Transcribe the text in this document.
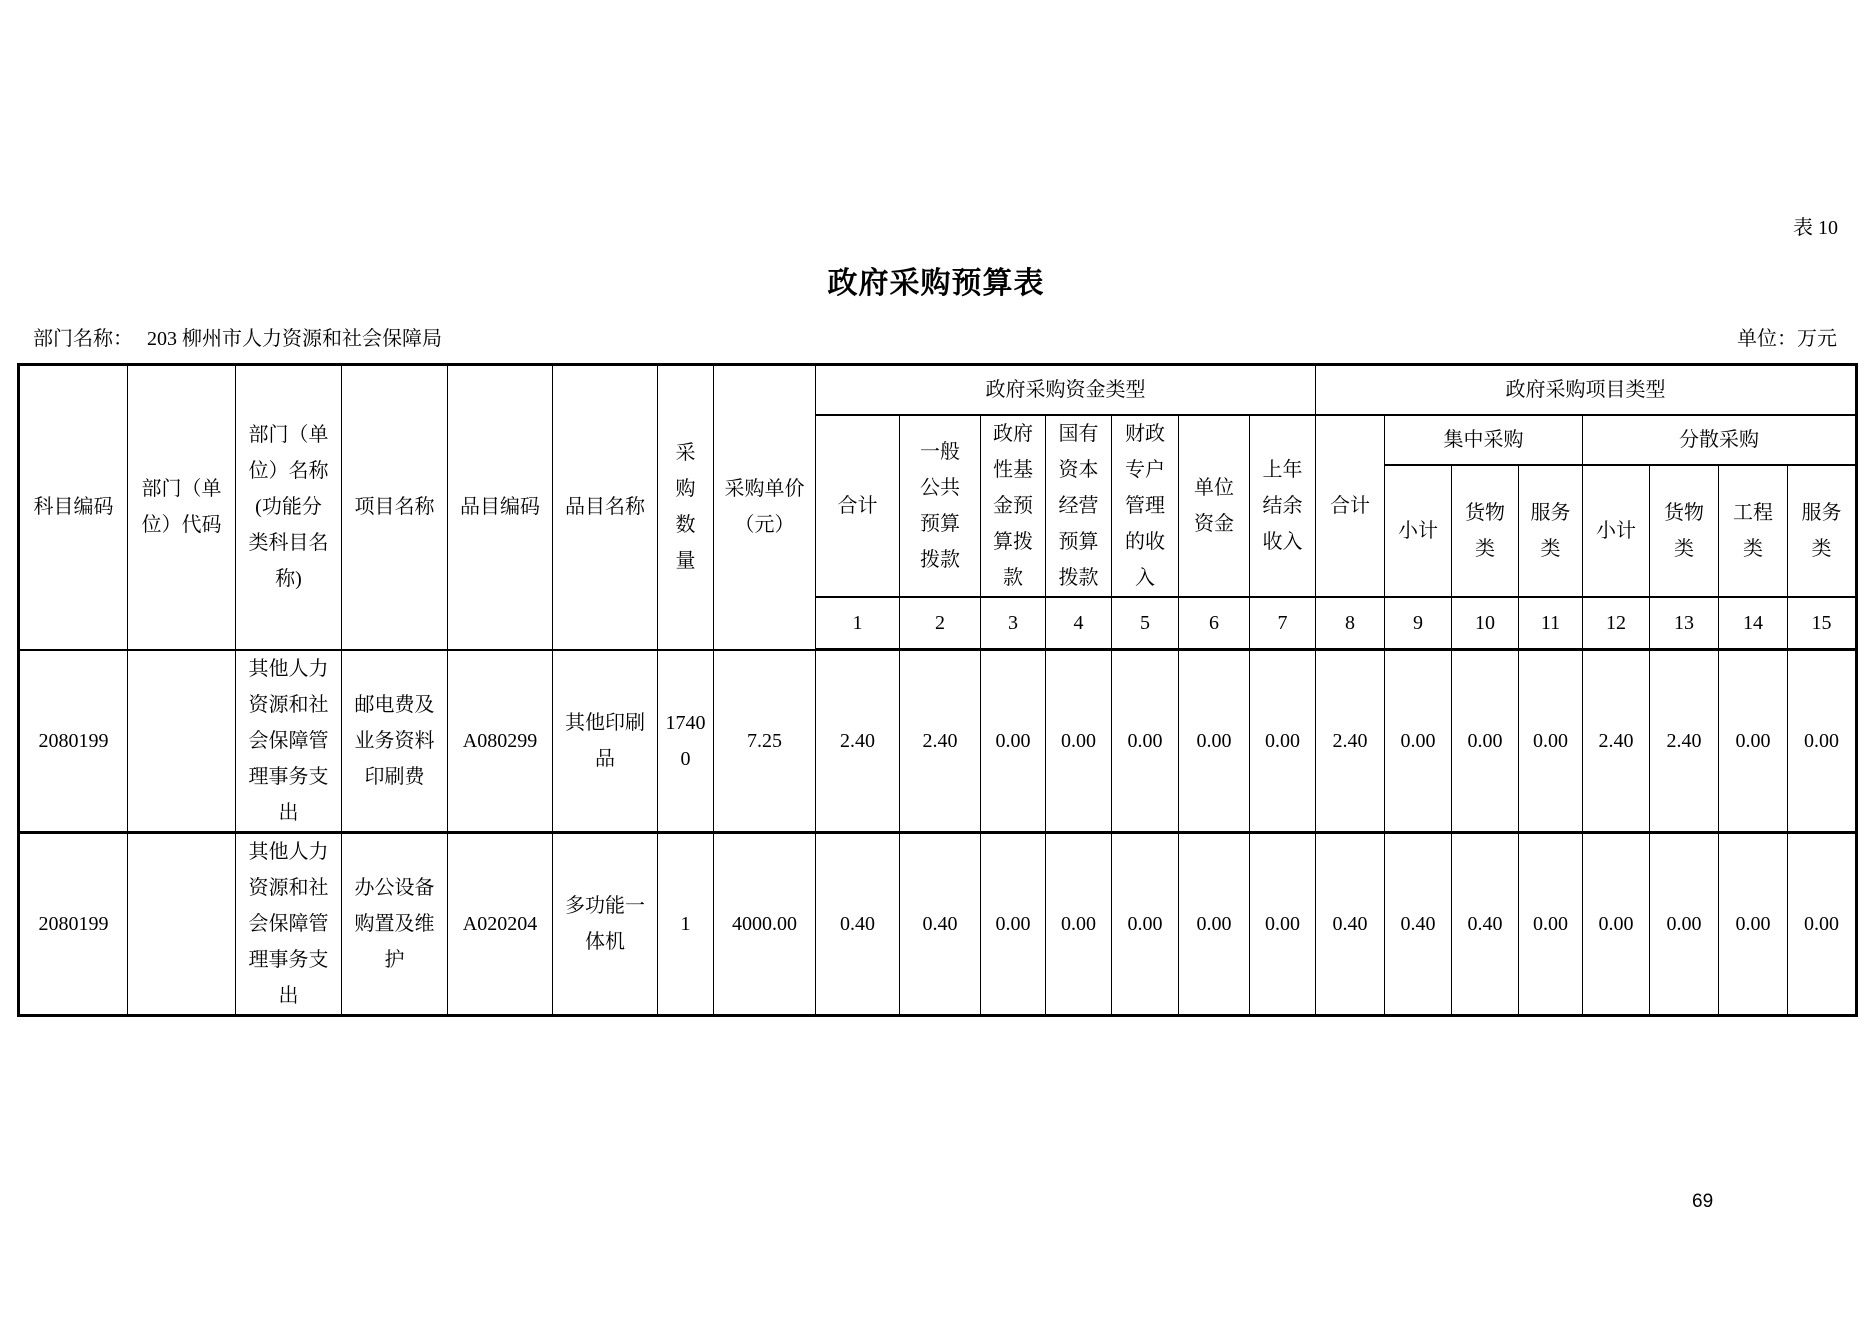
表 10
政府采购预算表
部门名称： 203 柳州市人力资源和社会保障局	单位：万元
科目编码	部门（单位）代码	部门（单位）名称(功能分类科目名称)	项目名称	品目编码	品目名称	采购数量	采购单价（元）	政府采购资金类型							政府采购项目类型							

								合计	一般公共预算拨款	政府性基金预算拨款	国有资本经营预算拨款	财政专户管理的收入	单位资金	上年结余收入	合计	集中采购			分散采购			

																小计	货物类	服务类	小计	货物类	工程类	服务类

								1	2	3	4	5	6	7	8	9	10	11	12	13	14	15
2080199		其他人力资源和社会保障管理事务支出	邮电费及业务资料印刷费	A080299	其他印刷品	17400	7.25	2.40	2.40	0.00	0.00	0.00	0.00	0.00	2.40	0.00	0.00	0.00	2.40	2.40	0.00	0.00
2080199		其他人力资源和社会保障管理事务支出	办公设备购置及维护	A020204	多功能一体机	1	4000.00	0.40	0.40	0.00	0.00	0.00	0.00	0.00	0.40	0.40	0.40	0.00	0.00	0.00	0.00	0.00
69
